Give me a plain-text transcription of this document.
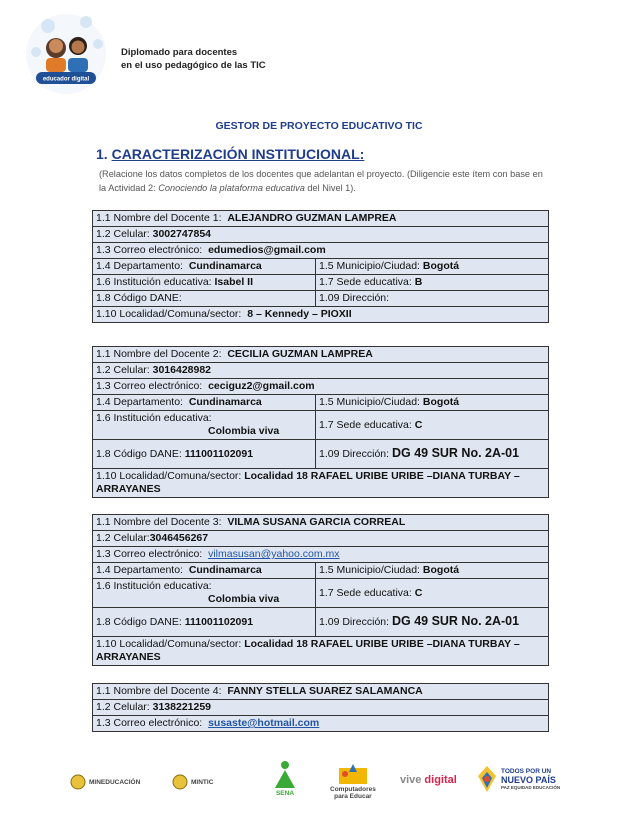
educador digital
Diplomado para docentes
en el uso pedagógico de las TIC
GESTOR DE PROYECTO EDUCATIVO TIC
1. CARACTERIZACIÓN INSTITUCIONAL:
(Relacione los datos completos de los docentes que adelantan el proyecto. (Diligencie este ítem con base en la Actividad 2: Conociendo la plataforma educativa del Nivel 1).
1.1 Nombre del Docente 1: ALEJANDRO GUZMAN LAMPREA	
1.2 Celular: 3002747854	
1.3 Correo electrónico: edumedios@gmail.com	
1.4 Departamento: Cundinamarca	1.5 Municipio/Ciudad: Bogotá
1.6 Institución educativa: Isabel II	1.7 Sede educativa: B
1.8 Código DANE:	1.09 Dirección:
1.10 Localidad/Comuna/sector: 8 – Kennedy – PIOXII	
1.1 Nombre del Docente 2: CECILIA GUZMAN LAMPREA	
1.2 Celular: 3016428982	
1.3 Correo electrónico: ceciguz2@gmail.com	
1.4 Departamento: Cundinamarca	1.5 Municipio/Ciudad: Bogotá
1.6 Institución educativa:
Colombia viva	1.7 Sede educativa: C
1.8 Código DANE: 111001102091	1.09 Dirección: DG 49 SUR No. 2A-01
1.10 Localidad/Comuna/sector: Localidad 18 RAFAEL URIBE URIBE –DIANA TURBAY – ARRAYANES	
1.1 Nombre del Docente 3: VILMA SUSANA GARCIA CORREAL	
1.2 Celular:3046456267	
1.3 Correo electrónico: vilmasusan@yahoo.com.mx	
1.4 Departamento: Cundinamarca	1.5 Municipio/Ciudad: Bogotá
1.6 Institución educativa:
Colombia viva	1.7 Sede educativa: C
1.8 Código DANE: 111001102091	1.09 Dirección: DG 49 SUR No. 2A-01
1.10 Localidad/Comuna/sector: Localidad 18 RAFAEL URIBE URIBE –DIANA TURBAY – ARRAYANES	
1.1 Nombre del Docente 4: FANNY STELLA SUAREZ SALAMANCA
1.2 Celular: 3138221259
1.3 Correo electrónico: susaste@hotmail.com
MINEDUCACIÓN	MINTIC
SENA
Computadores
para Educar
vive digital
TODOS POR UN
NUEVO PAÍS
PAZ EQUIDAD EDUCACIÓN
